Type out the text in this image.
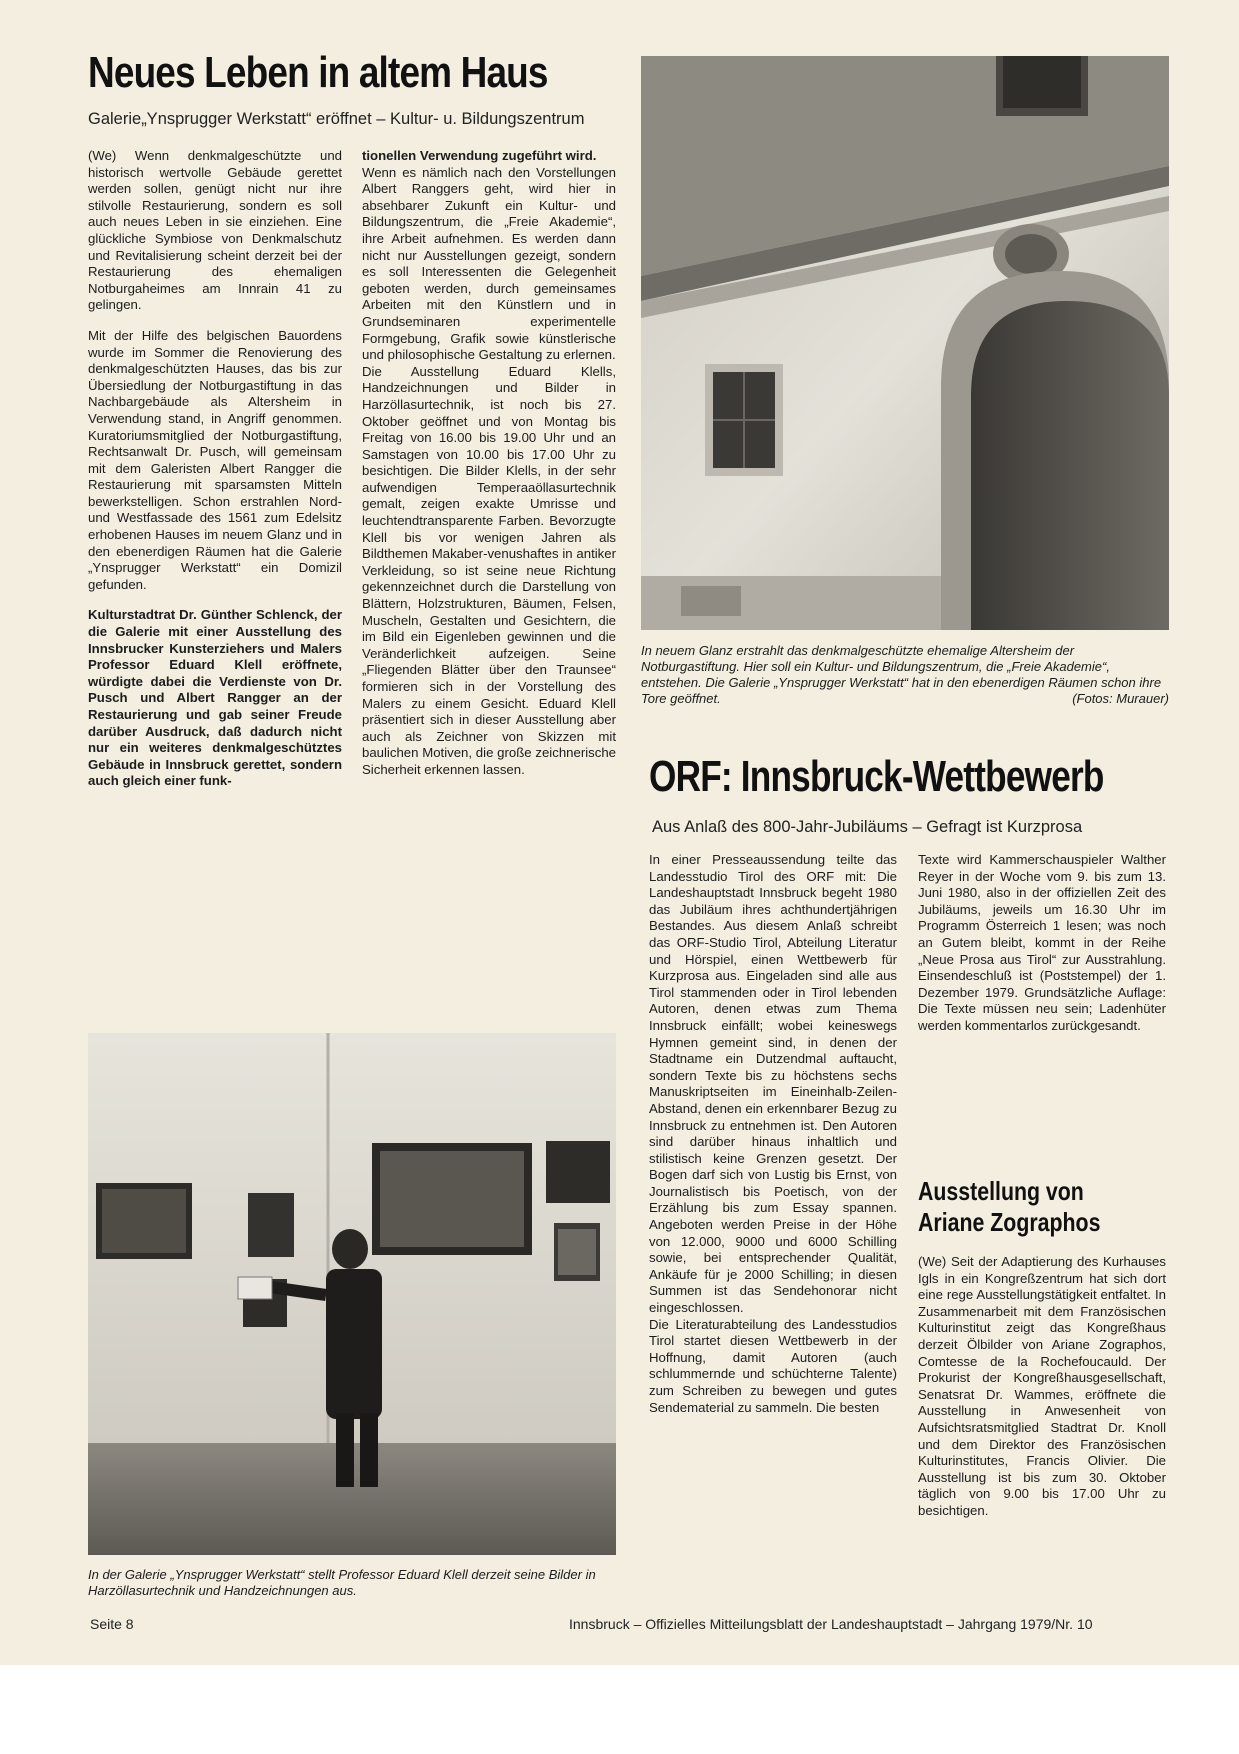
Neues Leben in altem Haus
Galerie„Ynsprugger Werkstatt“ eröffnet – Kultur- u. Bildungszentrum

(We) Wenn denkmalgeschützte und historisch wertvolle Gebäude gerettet werden sollen, genügt nicht nur ihre stilvolle Restaurierung, sondern es soll auch neues Leben in sie einziehen. Eine glückliche Symbiose von Denkmalschutz und Revitalisierung scheint derzeit bei der Restaurierung des ehemaligen Notburgaheimes am Innrain 41 zu gelingen.

Mit der Hilfe des belgischen Bauordens wurde im Sommer die Renovierung des denkmalgeschützten Hauses, das bis zur Übersiedlung der Notburgastiftung in das Nachbargebäude als Altersheim in Verwendung stand, in Angriff genommen. Kuratoriumsmitglied der Notburgastiftung, Rechtsanwalt Dr. Pusch, will gemeinsam mit dem Galeristen Albert Rangger die Restaurierung mit sparsamsten Mitteln bewerkstelligen. Schon erstrahlen Nord- und Westfassade des 1561 zum Edelsitz erhobenen Hauses im neuem Glanz und in den ebenerdigen Räumen hat die Galerie „Ynsprugger Werkstatt“ ein Domizil gefunden.

Kulturstadtrat Dr. Günther Schlenck, der die Galerie mit einer Ausstellung des Innsbrucker Kunsterziehers und Malers Professor Eduard Klell eröffnete, würdigte dabei die Verdienste von Dr. Pusch und Albert Rangger an der Restaurierung und gab seiner Freude darüber Ausdruck, daß dadurch nicht nur ein weiteres denkmalgeschütztes Gebäude in Innsbruck gerettet, sondern auch gleich einer funk-

tionellen Verwendung zugeführt wird.

Wenn es nämlich nach den Vorstellungen Albert Ranggers geht, wird hier in absehbarer Zukunft ein Kultur- und Bildungszentrum, die „Freie Akademie“, ihre Arbeit aufnehmen. Es werden dann nicht nur Ausstellungen gezeigt, sondern es soll Interessenten die Gelegenheit geboten werden, durch gemeinsames Arbeiten mit den Künstlern und in Grundseminaren experimentelle Formgebung, Grafik sowie künstlerische und philosophische Gestaltung zu erlernen.

Die Ausstellung Eduard Klells, Handzeichnungen und Bilder in Harzöllasurtechnik, ist noch bis 27. Oktober geöffnet und von Montag bis Freitag von 16.00 bis 19.00 Uhr und an Samstagen von 10.00 bis 17.00 Uhr zu besichtigen. Die Bilder Klells, in der sehr aufwendigen Temperaaöllasurtechnik gemalt, zeigen exakte Umrisse und leuchtendtransparente Farben. Bevorzugte Klell bis vor wenigen Jahren als Bildthemen Makaber-venushaftes in antiker Verkleidung, so ist seine neue Richtung gekennzeichnet durch die Darstellung von Blättern, Holzstrukturen, Bäumen, Felsen, Muscheln, Gestalten und Gesichtern, die im Bild ein Eigenleben gewinnen und die Veränderlichkeit aufzeigen. Seine „Fliegenden Blätter über den Traunsee“ formieren sich in der Vorstellung des Malers zu einem Gesicht. Eduard Klell präsentiert sich in dieser Ausstellung aber auch als Zeichner von Skizzen mit baulichen Motiven, die große zeichnerische Sicherheit erkennen lassen.

In neuem Glanz erstrahlt das denkmalgeschützte ehemalige Altersheim der Notburgastiftung. Hier soll ein Kultur- und Bildungszentrum, die „Freie Akademie“, entstehen. Die Galerie „Ynsprugger Werkstatt“ hat in den ebenerdigen Räumen schon ihre Tore geöffnet.	(Fotos: Murauer)
In der Galerie „Ynsprugger Werkstatt“ stellt Professor Eduard Klell derzeit seine Bilder in Harzöllasurtechnik und Handzeichnungen aus.
ORF: Innsbruck-Wettbewerb
Aus Anlaß des 800-Jahr-Jubiläums – Gefragt ist Kurzprosa

In einer Presseaussendung teilte das Landesstudio Tirol des ORF mit: Die Landeshauptstadt Innsbruck begeht 1980 das Jubiläum ihres achthundertjährigen Bestandes. Aus diesem Anlaß schreibt das ORF-Studio Tirol, Abteilung Literatur und Hörspiel, einen Wettbewerb für Kurzprosa aus. Eingeladen sind alle aus Tirol stammenden oder in Tirol lebenden Autoren, denen etwas zum Thema Innsbruck einfällt; wobei keineswegs Hymnen gemeint sind, in denen der Stadtname ein Dutzendmal auftaucht, sondern Texte bis zu höchstens sechs Manuskriptseiten im Eineinhalb-Zeilen-Abstand, denen ein erkennbarer Bezug zu Innsbruck zu entnehmen ist. Den Autoren sind darüber hinaus inhaltlich und stilistisch keine Grenzen gesetzt. Der Bogen darf sich von Lustig bis Ernst, von Journalistisch bis Poetisch, von der Erzählung bis zum Essay spannen. Angeboten werden Preise in der Höhe von 12.000, 9000 und 6000 Schilling sowie, bei entsprechender Qualität, Ankäufe für je 2000 Schilling; in diesen Summen ist das Sendehonorar nicht eingeschlossen.

Die Literaturabteilung des Landesstudios Tirol startet diesen Wettbewerb in der Hoffnung, damit Autoren (auch schlummernde und schüchterne Talente) zum Schreiben zu bewegen und gutes Sendematerial zu sammeln. Die besten

Texte wird Kammerschauspieler Walther Reyer in der Woche vom 9. bis zum 13. Juni 1980, also in der offiziellen Zeit des Jubiläums, jeweils um 16.30 Uhr im Programm Österreich 1 lesen; was noch an Gutem bleibt, kommt in der Reihe „Neue Prosa aus Tirol“ zur Ausstrahlung. Einsendeschluß ist (Poststempel) der 1. Dezember 1979. Grundsätzliche Auflage: Die Texte müssen neu sein; Ladenhüter werden kommentarlos zurückgesandt.

Ausstellung von
Ariane Zographos
(We) Seit der Adaptierung des Kurhauses Igls in ein Kongreßzentrum hat sich dort eine rege Ausstellungstätigkeit entfaltet. In Zusammenarbeit mit dem Französischen Kulturinstitut zeigt das Kongreßhaus derzeit Ölbilder von Ariane Zographos, Comtesse de la Rochefoucauld. Der Prokurist der Kongreßhausgesellschaft, Senatsrat Dr. Wammes, eröffnete die Ausstellung in Anwesenheit von Aufsichtsratsmitglied Stadtrat Dr. Knoll und dem Direktor des Französischen Kulturinstitutes, Francis Olivier. Die Ausstellung ist bis zum 30. Oktober täglich von 9.00 bis 17.00 Uhr zu besichtigen.
Seite 8	Innsbruck – Offizielles Mitteilungsblatt der Landeshauptstadt – Jahrgang 1979/Nr. 10
